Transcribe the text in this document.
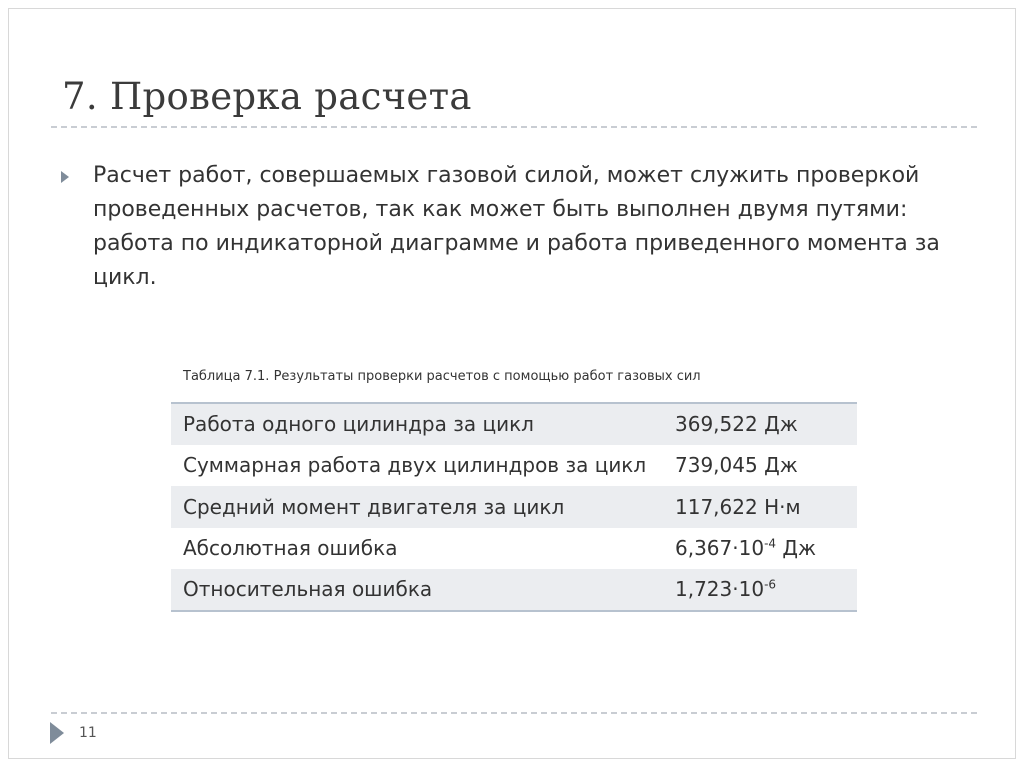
7. Проверка расчета

Расчет работ, совершаемых газовой силой, может служить проверкой проведенных расчетов, так как может быть выполнен двумя путями: работа по индикаторной диаграмме и работа приведенного момента за цикл.

Таблица 7.1. Результаты проверки расчетов с помощью работ газовых сил
Работа одного цилиндра за цикл	369,522 Дж
Суммарная работа двух цилиндров за цикл	739,045 Дж
Средний момент двигателя за цикл	117,622 Н·м
Абсолютная ошибка	$6,367\cdot 10^{-4}$ Дж
Относительная ошибка	$1,723\cdot 10^{-6}$
11
